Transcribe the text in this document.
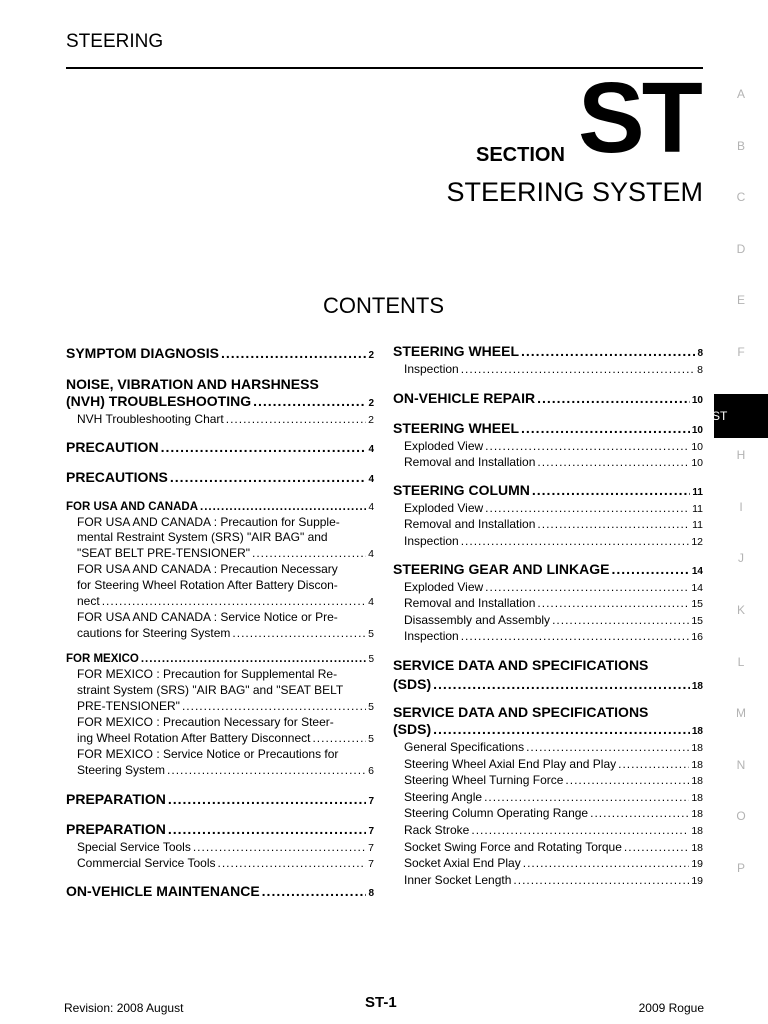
STEERING
SECTION ST
STEERING SYSTEM
CONTENTS
A
B
C
D
E
F
ST
H
I
J
K
L
M
N
O
P
SYMPTOM DIAGNOSIS .....	2
NOISE, VIBRATION AND HARSHNESS
(NVH) TROUBLESHOOTING .....	2
NVH Troubleshooting Chart .....	2
PRECAUTION .....	4
PRECAUTIONS .....	4
FOR USA AND CANADA .....	4
FOR USA AND CANADA : Precaution for Supple-
mental Restraint System (SRS) "AIR BAG" and
"SEAT BELT PRE-TENSIONER" .....	4
FOR USA AND CANADA : Precaution Necessary
for Steering Wheel Rotation After Battery Discon-
nect .....	4
FOR USA AND CANADA : Service Notice or Pre-
cautions for Steering System .....	5
FOR MEXICO .....	5
FOR MEXICO : Precaution for Supplemental Re-
straint System (SRS) "AIR BAG" and "SEAT BELT
PRE-TENSIONER" .....	5
FOR MEXICO : Precaution Necessary for Steer-
ing Wheel Rotation After Battery Disconnect .....	5
FOR MEXICO : Service Notice or Precautions for
Steering System .....	6
PREPARATION .....	7
PREPARATION .....	7
Special Service Tools .....	7
Commercial Service Tools .....	7
ON-VEHICLE MAINTENANCE .....	8
STEERING WHEEL .....	8
Inspection .....	8
ON-VEHICLE REPAIR .....	10
STEERING WHEEL .....	10
Exploded View .....	10
Removal and Installation .....	10
STEERING COLUMN .....	11
Exploded View .....	11
Removal and Installation .....	11
Inspection .....	12
STEERING GEAR AND LINKAGE .....	14
Exploded View .....	14
Removal and Installation .....	15
Disassembly and Assembly .....	15
Inspection .....	16
SERVICE DATA AND SPECIFICATIONS
(SDS) .....	18
SERVICE DATA AND SPECIFICATIONS
(SDS) .....	18
General Specifications .....	18
Steering Wheel Axial End Play and Play .....	18
Steering Wheel Turning Force .....	18
Steering Angle .....	18
Steering Column Operating Range .....	18
Rack Stroke .....	18
Socket Swing Force and Rotating Torque .....	18
Socket Axial End Play .....	19
Inner Socket Length .....	19
Revision: 2008 August	ST-1	2009 Rogue
